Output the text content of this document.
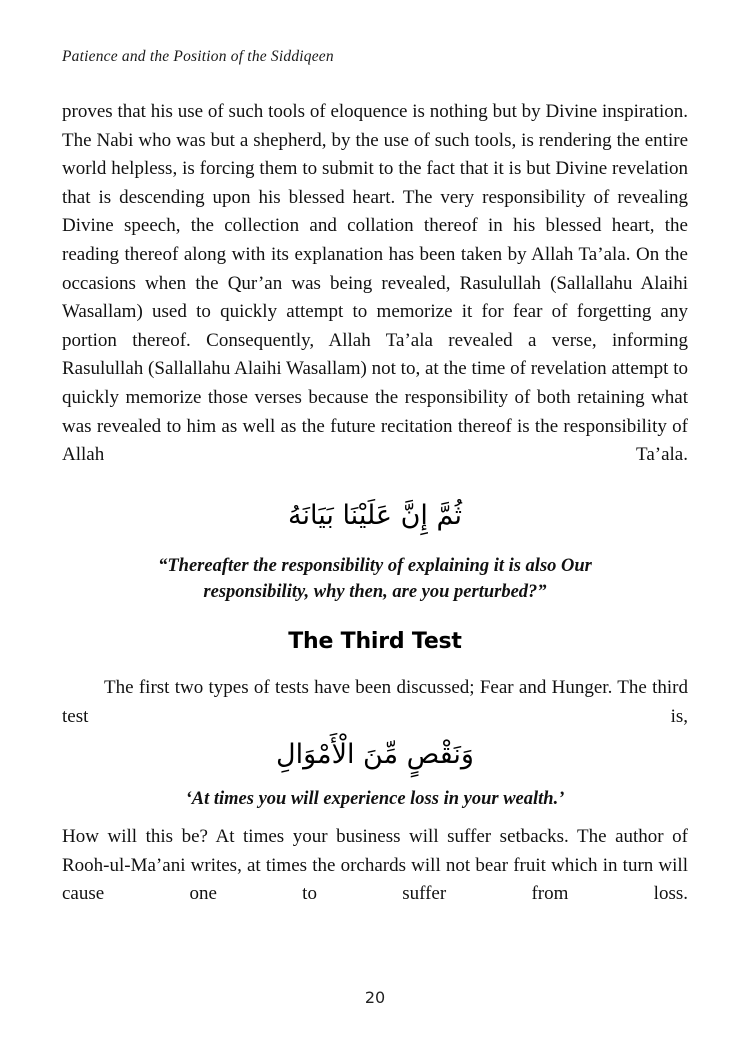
Patience and the Position of the Siddiqeen

proves that his use of such tools of eloquence is nothing but by Divine inspiration. The Nabi who was but a shepherd, by the use of such tools, is rendering the entire world helpless, is forcing them to submit to the fact that it is but Divine revelation that is descending upon his blessed heart. The very responsibility of revealing Divine speech, the collection and collation thereof in his blessed heart, the reading thereof along with its explanation has been taken by Allah Ta’ala. On the occasions when the Qur’an was being revealed, Rasulullah (Sallallahu Alaihi Wasallam) used to quickly attempt to memorize it for fear of forgetting any portion thereof. Consequently, Allah Ta’ala revealed a verse, informing Rasulullah (Sallallahu Alaihi Wasallam) not to, at the time of revelation attempt to quickly memorize those verses because the responsibility of both retaining what was revealed to him as well as the future recitation thereof is the responsibility of Allah Ta’ala.

ثُمَّ إِنَّ عَلَيْنَا بَيَانَهُ
“Thereafter the responsibility of explaining it is also Our responsibility, why then, are you perturbed?”
The Third Test

The first two types of tests have been discussed; Fear and Hunger. The third test is,

وَنَقْصٍ مِّنَ الْأَمْوَالِ
‘At times you will experience loss in your wealth.’

How will this be? At times your business will suffer setbacks. The author of Rooh-ul-Ma’ani writes, at times the orchards will not bear fruit which in turn will cause one to suffer from loss.

20
